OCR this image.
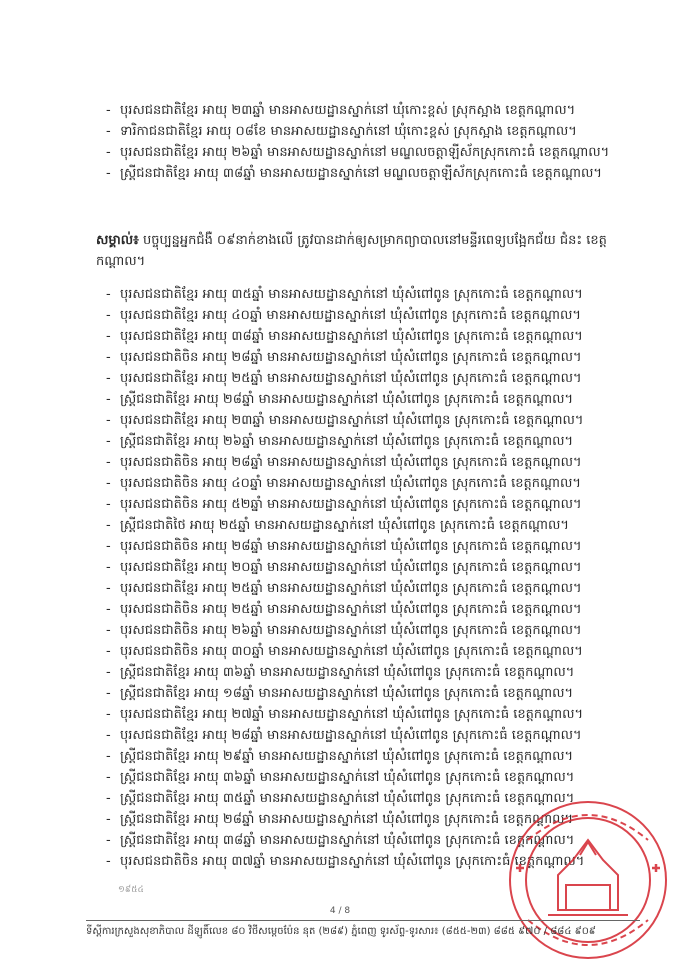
- បុរសជនជាតិខ្មែរ អាយុ ២៣ឆ្នាំ មានអាសយដ្ឋានស្នាក់នៅ ឃុំកោះខ្ពស់ ស្រុកស្អាង ខេត្តកណ្ដាល។
- ទារិកាជនជាតិខ្មែរ អាយុ ០៨ខែ មានអាសយដ្ឋានស្នាក់នៅ ឃុំកោះខ្ពស់ ស្រុកស្អាង ខេត្តកណ្ដាល។
- បុរសជនជាតិខ្មែរ អាយុ ២៦ឆ្នាំ មានអាសយដ្ឋានស្នាក់នៅ មណ្ឌលចត្តាឡីស័កស្រុកកោះធំ ខេត្តកណ្ដាល។
- ស្ត្រីជនជាតិខ្មែរ អាយុ ៣៨ឆ្នាំ មានអាសយដ្ឋានស្នាក់នៅ មណ្ឌលចត្តាឡីស័កស្រុកកោះធំ ខេត្តកណ្ដាល។
សម្គាល់៖ បច្ចុប្បន្នអ្នកជំងឺ ០៩នាក់ខាងលើ ត្រូវបានដាក់ឲ្យសម្រាកព្យាបាលនៅមន្ទីរពេទ្យបង្អែកជ័យ ជំនះ ខេត្ត កណ្ដាល។
- បុរសជនជាតិខ្មែរ អាយុ ៣៥ឆ្នាំ មានអាសយដ្ឋានស្នាក់នៅ ឃុំសំពៅពូន ស្រុកកោះធំ ខេត្តកណ្ដាល។
- បុរសជនជាតិខ្មែរ អាយុ ៤០ឆ្នាំ មានអាសយដ្ឋានស្នាក់នៅ ឃុំសំពៅពូន ស្រុកកោះធំ ខេត្តកណ្ដាល។
- បុរសជនជាតិខ្មែរ អាយុ ៣៨ឆ្នាំ មានអាសយដ្ឋានស្នាក់នៅ ឃុំសំពៅពូន ស្រុកកោះធំ ខេត្តកណ្ដាល។
- បុរសជនជាតិចិន អាយុ ២៨ឆ្នាំ មានអាសយដ្ឋានស្នាក់នៅ ឃុំសំពៅពូន ស្រុកកោះធំ ខេត្តកណ្ដាល។
- បុរសជនជាតិខ្មែរ អាយុ ២៥ឆ្នាំ មានអាសយដ្ឋានស្នាក់នៅ ឃុំសំពៅពូន ស្រុកកោះធំ ខេត្តកណ្ដាល។
- ស្ត្រីជនជាតិខ្មែរ អាយុ ២៨ឆ្នាំ មានអាសយដ្ឋានស្នាក់នៅ ឃុំសំពៅពូន ស្រុកកោះធំ ខេត្តកណ្ដាល។
- បុរសជនជាតិខ្មែរ អាយុ ២៣ឆ្នាំ មានអាសយដ្ឋានស្នាក់នៅ ឃុំសំពៅពូន ស្រុកកោះធំ ខេត្តកណ្ដាល។
- ស្ត្រីជនជាតិខ្មែរ អាយុ ២៦ឆ្នាំ មានអាសយដ្ឋានស្នាក់នៅ ឃុំសំពៅពូន ស្រុកកោះធំ ខេត្តកណ្ដាល។
- បុរសជនជាតិចិន អាយុ ២៨ឆ្នាំ មានអាសយដ្ឋានស្នាក់នៅ ឃុំសំពៅពូន ស្រុកកោះធំ ខេត្តកណ្ដាល។
- បុរសជនជាតិចិន អាយុ ៤០ឆ្នាំ មានអាសយដ្ឋានស្នាក់នៅ ឃុំសំពៅពូន ស្រុកកោះធំ ខេត្តកណ្ដាល។
- បុរសជនជាតិចិន អាយុ ៥២ឆ្នាំ មានអាសយដ្ឋានស្នាក់នៅ ឃុំសំពៅពូន ស្រុកកោះធំ ខេត្តកណ្ដាល។
- ស្ត្រីជនជាតិថៃ អាយុ ២៥ឆ្នាំ មានអាសយដ្ឋានស្នាក់នៅ ឃុំសំពៅពូន ស្រុកកោះធំ ខេត្តកណ្ដាល។
- បុរសជនជាតិចិន អាយុ ២៨ឆ្នាំ មានអាសយដ្ឋានស្នាក់នៅ ឃុំសំពៅពូន ស្រុកកោះធំ ខេត្តកណ្ដាល។
- បុរសជនជាតិខ្មែរ អាយុ ២០ឆ្នាំ មានអាសយដ្ឋានស្នាក់នៅ ឃុំសំពៅពូន ស្រុកកោះធំ ខេត្តកណ្ដាល។
- បុរសជនជាតិខ្មែរ អាយុ ២៥ឆ្នាំ មានអាសយដ្ឋានស្នាក់នៅ ឃុំសំពៅពូន ស្រុកកោះធំ ខេត្តកណ្ដាល។
- បុរសជនជាតិចិន អាយុ ២៥ឆ្នាំ មានអាសយដ្ឋានស្នាក់នៅ ឃុំសំពៅពូន ស្រុកកោះធំ ខេត្តកណ្ដាល។
- បុរសជនជាតិចិន អាយុ ២៦ឆ្នាំ មានអាសយដ្ឋានស្នាក់នៅ ឃុំសំពៅពូន ស្រុកកោះធំ ខេត្តកណ្ដាល។
- បុរសជនជាតិចិន អាយុ ៣០ឆ្នាំ មានអាសយដ្ឋានស្នាក់នៅ ឃុំសំពៅពូន ស្រុកកោះធំ ខេត្តកណ្ដាល។
- ស្ត្រីជនជាតិខ្មែរ អាយុ ៣៦ឆ្នាំ មានអាសយដ្ឋានស្នាក់នៅ ឃុំសំពៅពូន ស្រុកកោះធំ ខេត្តកណ្ដាល។
- ស្ត្រីជនជាតិខ្មែរ អាយុ ១៨ឆ្នាំ មានអាសយដ្ឋានស្នាក់នៅ ឃុំសំពៅពូន ស្រុកកោះធំ ខេត្តកណ្ដាល។
- បុរសជនជាតិខ្មែរ អាយុ ២៧ឆ្នាំ មានអាសយដ្ឋានស្នាក់នៅ ឃុំសំពៅពូន ស្រុកកោះធំ ខេត្តកណ្ដាល។
- បុរសជនជាតិខ្មែរ អាយុ ២៨ឆ្នាំ មានអាសយដ្ឋានស្នាក់នៅ ឃុំសំពៅពូន ស្រុកកោះធំ ខេត្តកណ្ដាល។
- ស្ត្រីជនជាតិខ្មែរ អាយុ ២៩ឆ្នាំ មានអាសយដ្ឋានស្នាក់នៅ ឃុំសំពៅពូន ស្រុកកោះធំ ខេត្តកណ្ដាល។
- ស្ត្រីជនជាតិខ្មែរ អាយុ ៣៦ឆ្នាំ មានអាសយដ្ឋានស្នាក់នៅ ឃុំសំពៅពូន ស្រុកកោះធំ ខេត្តកណ្ដាល។
- ស្ត្រីជនជាតិខ្មែរ អាយុ ៣៥ឆ្នាំ មានអាសយដ្ឋានស្នាក់នៅ ឃុំសំពៅពូន ស្រុកកោះធំ ខេត្តកណ្ដាល។
- ស្ត្រីជនជាតិខ្មែរ អាយុ ២៨ឆ្នាំ មានអាសយដ្ឋានស្នាក់នៅ ឃុំសំពៅពូន ស្រុកកោះធំ ខេត្តកណ្ដាល។
- ស្ត្រីជនជាតិខ្មែរ អាយុ ៣៨ឆ្នាំ មានអាសយដ្ឋានស្នាក់នៅ ឃុំសំពៅពូន ស្រុកកោះធំ ខេត្តកណ្ដាល។
- បុរសជនជាតិចិន អាយុ ៣៧ឆ្នាំ មានអាសយដ្ឋានស្នាក់នៅ ឃុំសំពៅពូន ស្រុកកោះធំ ខេត្តកណ្ដាល។
១៩៥៤
4 / 8
ទីស្ដីការក្រសួងសុខាភិបាល ដីឡូតិ៍លេខ ៨០ វិថីសម្ដេចប៉ែន នុត (២៨៩) ភ្នំពេញ ទូរស័ព្ទ-ទូរសារ៖ (៨៥៥-២៣) ៨៨៥ ៩៧០ / ៨៨៤ ៩០៩
